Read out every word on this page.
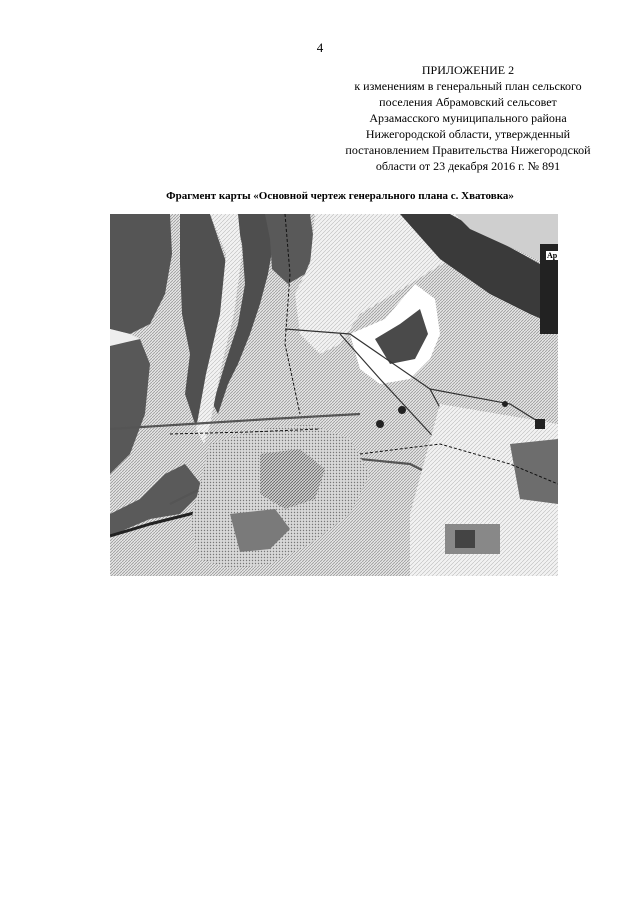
4
ПРИЛОЖЕНИЕ 2
к изменениям в генеральный план сельского
поселения Абрамовский сельсовет
Арзамасского муниципального района
Нижегородской области, утвержденный
постановлением Правительства Нижегородской
области от 23 декабря 2016 г. № 891
Фрагмент карты «Основной чертеж генерального плана с. Хватовка»
Ар
